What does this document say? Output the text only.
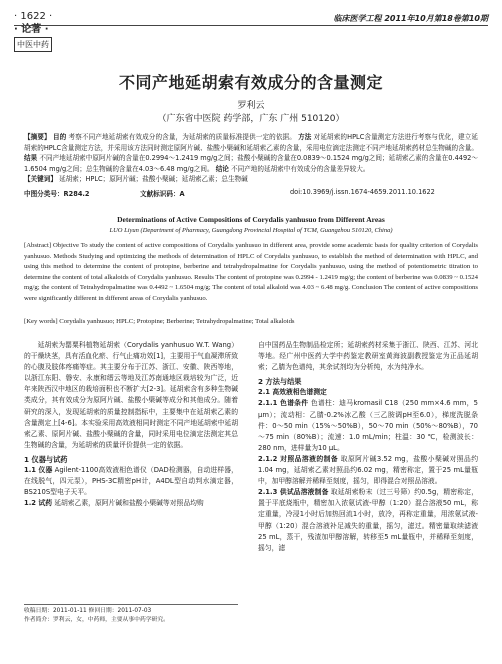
· 1622 ·
· 论著 ·
中医中药
临床医学工程 2011年10月第18卷第10期
不同产地延胡索有效成分的含量测定
罗利云
（广东省中医院 药学部，广东 广州 510120）
【摘要】 目的 考察不同产地延胡索有效成分的含量，为延胡索的质量标准提供一定的依据。 方法 对延胡索的HPLC含量测定方法进行考察与优化，建立延胡索的HPLC含量测定方法，并采用该方法同时测定原阿片碱、盐酸小檗碱和延胡索乙素的含量，采用电位滴定法测定不同产地延胡索药材总生物碱的含量。 结果 不同产地延胡索中原阿片碱的含量在0.2994～1.2419 mg/g之间；盐酸小檗碱的含量在0.0839～0.1524 mg/g之间；延胡索乙素的含量在0.4492～1.6504 mg/g之间；总生物碱的含量在4.03～6.48 mg/g之间。 结论 不同产地的延胡索中有效成分的含量差异较大。
【关键词】 延胡索；HPLC；原阿片碱；盐酸小檗碱；延胡索乙素；总生物碱
中图分类号：R284.2	文献标识码：A	doi:10.3969/j.issn.1674-4659.2011.10.1622
Determinations of Active Compositions of Corydalis yanhusuo from Different Areas
LUO Liyun (Department of Pharmacy, Guangdong Provincial Hospital of TCM, Guangzhou 510120, China)
[Abstract] Objective To study the content of active compositions of Corydalis yanhusuo in different area, provide some academic basis for quality criterion of Corydalis yanhusuo. Methods Studying and optimizing the methods of determination of HPLC of Corydalis yanhusuo, to establish the method of determination with HPLC, and using this method to determine the content of protopine, berberine and tetrahydropalmatine for Corydalis yanhusuo, using the method of potentiometric titration to determine the content of total alkaloids of Corydalis yanhusuo. Results The content of protopine was 0.2994 - 1.2419 mg/g; the content of berberine was 0.0839 ~ 0.1524 mg/g; the content of Tetrahydropalmatine was 0.4492 ~ 1.6504 mg/g; The content of total alkaloid was 4.03 ~ 6.48 mg/g. Conclusion The content of active compositions were significantly different in different areas of Corydalis yanhusuo.
[Key words] Corydalis yanhusuo; HPLC; Protopine; Berberine; Tetrahydropalmatine; Total alkaloids

延胡索为罂粟科植物延胡索（Corydalis yanhusuo W.T. Wang）的干燥块茎，具有活血化瘀、行气止痛功效[1]，主要用于气血凝滞所致的心腹及肢体疼痛等症。其主要分布于江苏、浙江、安徽、陕西等地，以浙江东阳、磐安、永康和缙云等地及江苏南通地区栽培较为广泛，近年来陕西汉中地区的栽培面积也不断扩大[2-3]。延胡索含有多种生物碱类成分，其有效成分为原阿片碱、盐酸小檗碱等成分和其他成分。随着研究的深入，发现延胡索的质量控制指标中，主要集中在延胡索乙素的含量测定上[4-6]。本实验采用高效液相同时测定不同产地延胡索中延胡索乙素、原阿片碱、盐酸小檗碱的含量，同时采用电位滴定法测定其总生物碱的含量，为延胡索的质量评价提供一定的依据。

1 仪器与试药

1.1 仪器 Agilent-1100高效液相色谱仪（DAD检测器，自动进样器，在线脱气，四元泵），PHS-3C精密pH计，A4DL型自动判水滴定器，BS210S型电子天平。

1.2 试药 延胡索乙素，原阿片碱和盐酸小檗碱等对照品均购

收稿日期：2011-01-11 修回日期：2011-07-03
作者简介：罗利云，女，中药师，主要从事中药学研究。

自中国药品生物制品检定所；延胡索药材采集于浙江、陕西、江苏、河北等地。经广州中医药大学中药鉴定教研室黄海波副教授鉴定为正品延胡索；乙腈为色谱纯，其余试剂均为分析纯，水为纯净水。

2 方法与结果

2.1 高效液相色谱测定

2.1.1 色谱条件 色谱柱：迪马kromasil C18（250 mm×4.6 mm，5 μm）；流动相：乙腈-0.2%冰乙酸（三乙胺调pH至6.0），梯度洗脱条件：0～50 min（15%～50%B），50～70 min（50%～80%B），70～75 min（80%B）；流速：1.0 mL/min；柱温：30 ℃，检测波长：280 nm，进样量为10 μL。

2.1.2 对照品溶液的制备 取原阿片碱3.52 mg，盐酸小檗碱对照品约1.04 mg，延胡索乙素对照品约6.02 mg，精密称定，置于25 mL量瓶中，加甲醇溶解并稀释至刻度，摇匀，即得混合对照品溶液。

2.1.3 供试品溶液制备 取延胡索粉末（过三号筛）约0.5g，精密称定，置于平底烧瓶中，精密加入浓氨试液-甲醇（1:20）混合溶液50 mL，称定重量，冷浸1小时后加热回流1小时，放冷，再称定重量，用浓氨试液-甲醇（1:20）混合溶液补足减失的重量，摇匀，滤过。精密量取续滤液25 mL，蒸干，残渣加甲醇溶解，转移至5 mL量瓶中，并稀释至刻度，摇匀，滤
